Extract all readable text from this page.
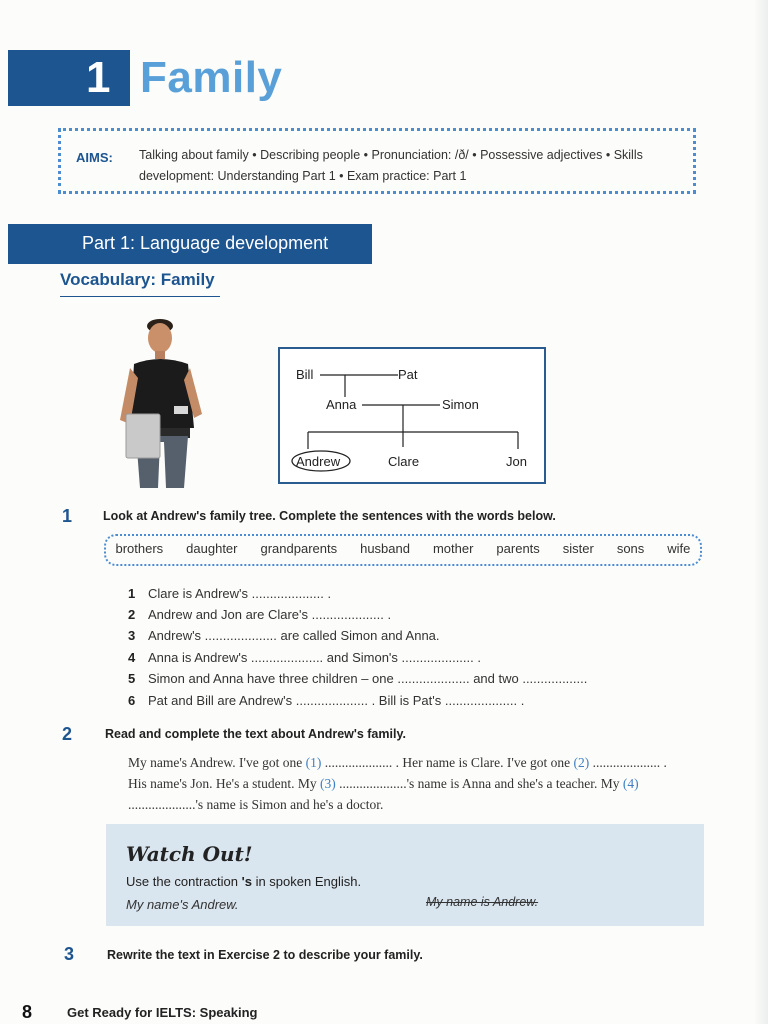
1 Family
AIMS: Talking about family • Describing people • Pronunciation: /ð/ • Possessive adjectives • Skills
development: Understanding Part 1 • Exam practice: Part 1
Part 1: Language development
Vocabulary: Family
Bill	Pat
Anna	Simon
Andrew	Clare	Jon
1 Look at Andrew's family tree. Complete the sentences with the words below.
brothers daughter grandparents husband mother parents sister sons wife
1 Clare is Andrew's .................... .
2 Andrew and Jon are Clare's .................... .
3 Andrew's .................... are called Simon and Anna.
4 Anna is Andrew's .................... and Simon's .................... .
5 Simon and Anna have three children – one .................... and two ..................
6 Pat and Bill are Andrew's .................... . Bill is Pat's .................... .
2	Read and complete the text about Andrew's family.
My name's Andrew. I've got one (1) .................... . Her name is Clare. I've got one (2) .................... . His name's Jon. He's a student. My (3) ....................'s name is Anna and she's a teacher. My (4) ....................'s name is Simon and he's a doctor.
Watch Out!
Use the contraction 's in spoken English.
My name's Andrew.	My name is Andrew.
3	Rewrite the text in Exercise 2 to describe your family.
8	Get Ready for IELTS: Speaking
